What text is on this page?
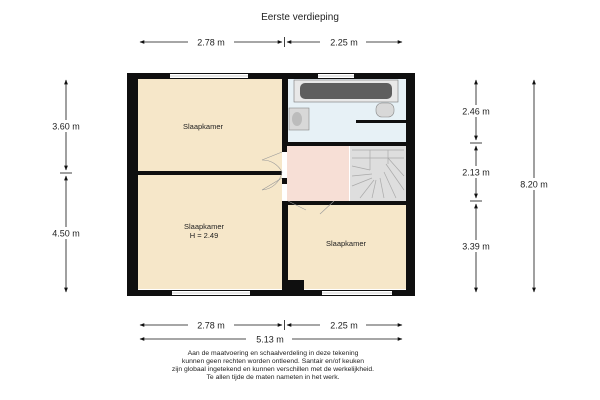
Eerste verdieping
2.78 m	2.25 m
3.60 m
4.50 m
2.46 m
2.13 m
3.39 m
8.20 m
Slaapkamer
Slaapkamer
H = 2.49
Slaapkamer
2.78 m	2.25 m
5.13 m
Aan de maatvoering en schaalverdeling in deze tekening
kunnen geen rechten worden ontleend. Santair en/of keuken
zijn globaal ingetekend en kunnen verschillen met de werkelijkheid.
Te allen tijde de maten nameten in het werk.
